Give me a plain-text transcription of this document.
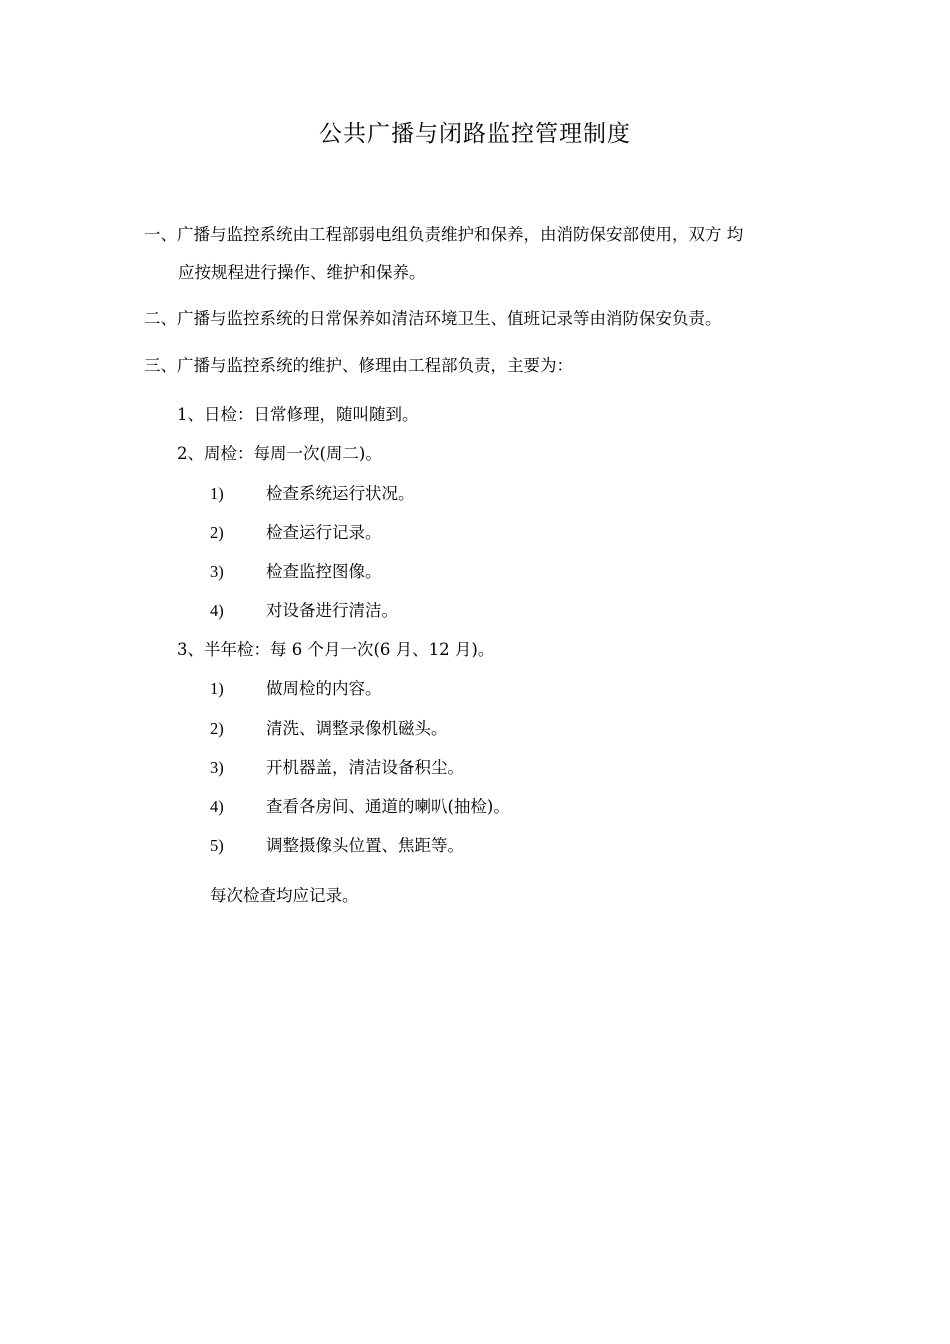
公共广播与闭路监控管理制度
一、广播与监控系统由工程部弱电组负责维护和保养，由消防保安部使用，双方 均
应按规程进行操作、维护和保养。
二、广播与监控系统的日常保养如清洁环境卫生、值班记录等由消防保安负责。
三、广播与监控系统的维护、修理由工程部负责，主要为：
1、日检：日常修理，随叫随到。
2、周检：每周一次(周二)。
1)	检查系统运行状况。
2)	检查运行记录。
3)	检查监控图像。
4)	对设备进行清洁。
3、半年检：每 6 个月一次(6 月、12 月)。
1)	做周检的内容。
2)	清洗、调整录像机磁头。
3)	开机器盖，清洁设备积尘。
4)	查看各房间、通道的喇叭(抽检)。
5)	调整摄像头位置、焦距等。
每次检查均应记录。
